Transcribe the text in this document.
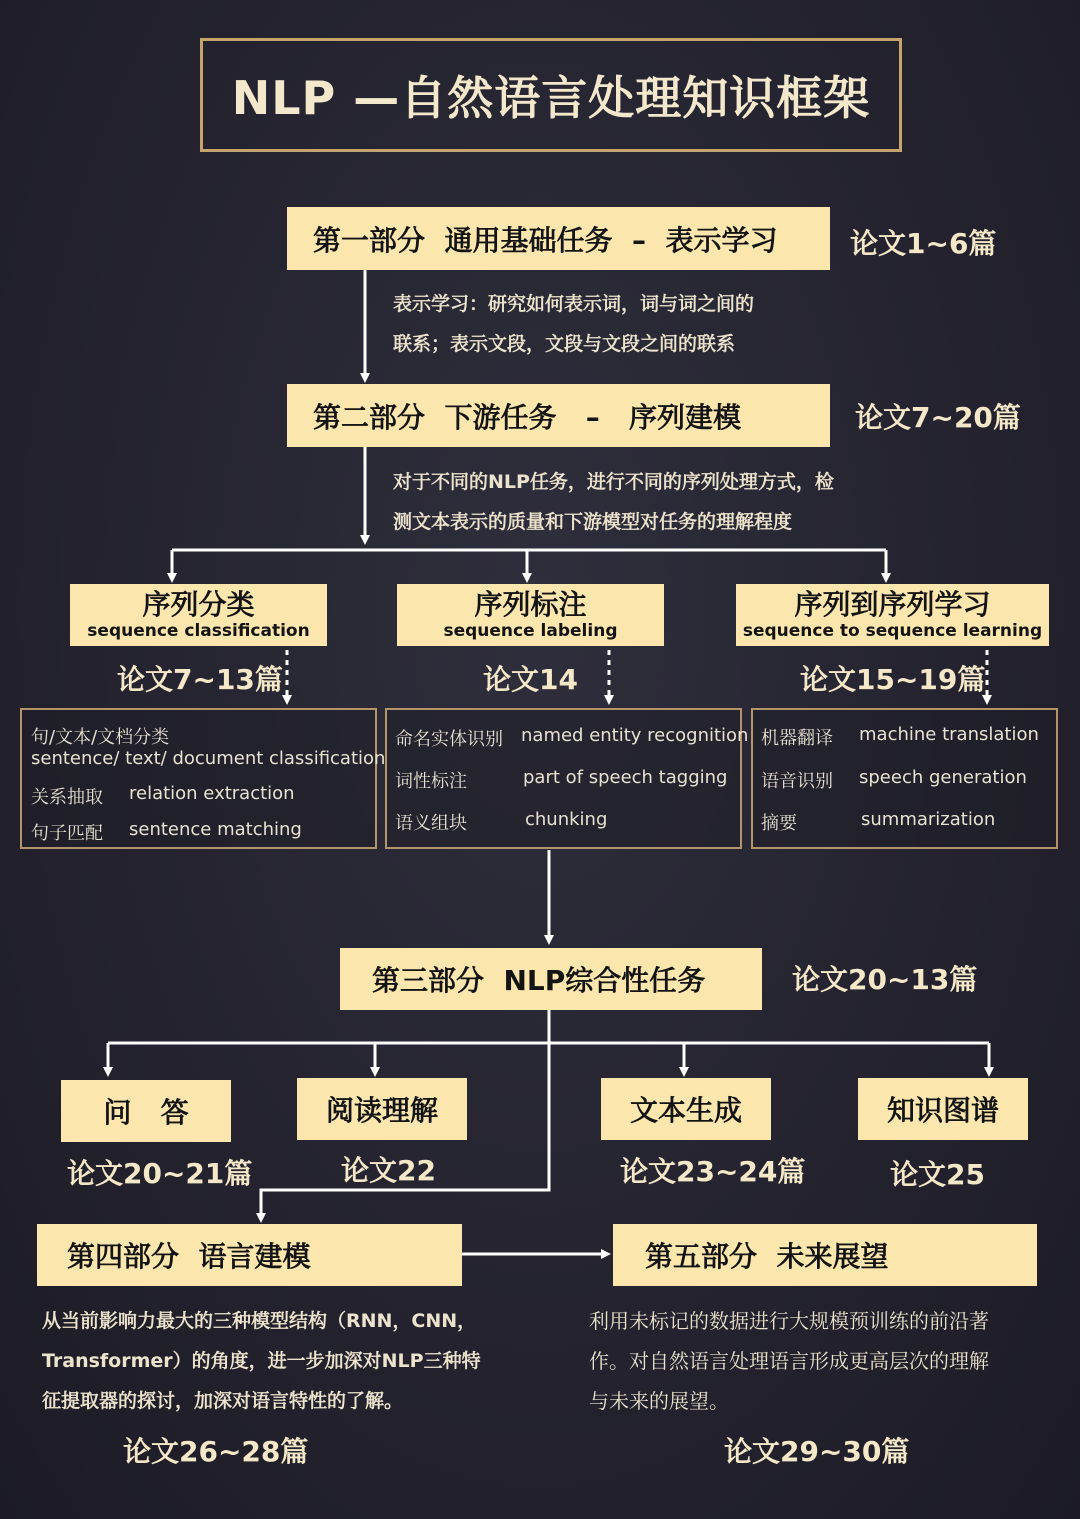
NLP —自然语言处理知识框架
第一部分  通用基础任务  –  表示学习	论文1~6篇
表示学习：研究如何表示词，词与词之间的
联系；表示文段，文段与文段之间的联系
第二部分  下游任务   –   序列建模	论文7~20篇
对于不同的NLP任务，进行不同的序列处理方式，检
测文本表示的质量和下游模型对任务的理解程度
序列分类
sequence classification
序列标注
sequence labeling
序列到序列学习
sequence to sequence learning
论文7~13篇	论文14	论文15~19篇
句/文本/文档分类
sentence/ text/ document classification
关系抽取 relation extraction
句子匹配 sentence matching
命名实体识别 named entity recognition
词性标注	part of speech tagging
语义组块	chunking
机器翻译 machine translation
语音识别 speech generation
摘要	summarization
第三部分  NLP综合性任务	论文20~13篇
问   答	阅读理解	文本生成	知识图谱
论文20~21篇	论文22	论文23~24篇	论文25
第四部分  语言建模
从当前影响力最大的三种模型结构（RNN，CNN，
Transformer）的角度，进一步加深对NLP三种特
征提取器的探讨，加深对语言特性的了解。
论文26~28篇
第五部分  未来展望
利用未标记的数据进行大规模预训练的前沿著
作。对自然语言处理语言形成更高层次的理解
与未来的展望。
论文29~30篇
